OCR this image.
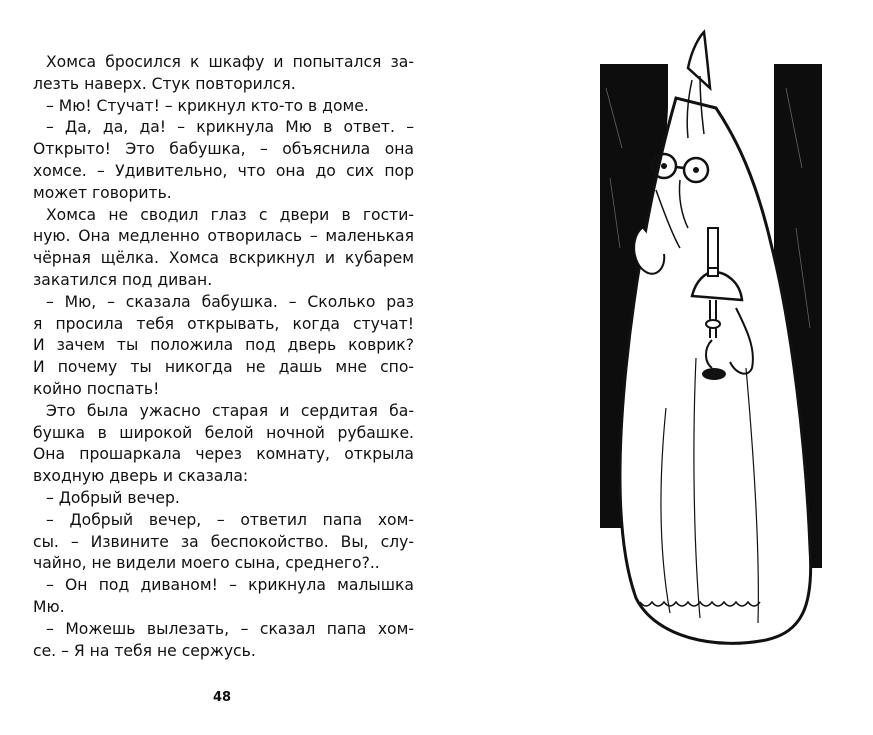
Хомса бросился к шкафу и попытался за-
лезть наверх. Стук повторился.
– Мю! Стучат! – крикнул кто-то в доме.
– Да, да, да! – крикнула Мю в ответ. –
Открыто! Это бабушка, – объяснила она
хомсе. – Удивительно, что она до сих пор
может говорить.
Хомса не сводил глаз с двери в гости-
ную. Она медленно отворилась – маленькая
чёрная щёлка. Хомса вскрикнул и кубарем
закатился под диван.
– Мю, – сказала бабушка. – Сколько раз
я просила тебя открывать, когда стучат!
И зачем ты положила под дверь коврик?
И почему ты никогда не дашь мне спо-
койно поспать!
Это была ужасно старая и сердитая ба-
бушка в широкой белой ночной рубашке.
Она прошаркала через комнату, открыла
входную дверь и сказала:
– Добрый вечер.
– Добрый вечер, – ответил папа хом-
сы. – Извините за беспокойство. Вы, слу-
чайно, не видели моего сына, среднего?..
– Он под диваном! – крикнула малышка
Мю.
– Можешь вылезать, – сказал папа хом-
се. – Я на тебя не сержусь.
48
